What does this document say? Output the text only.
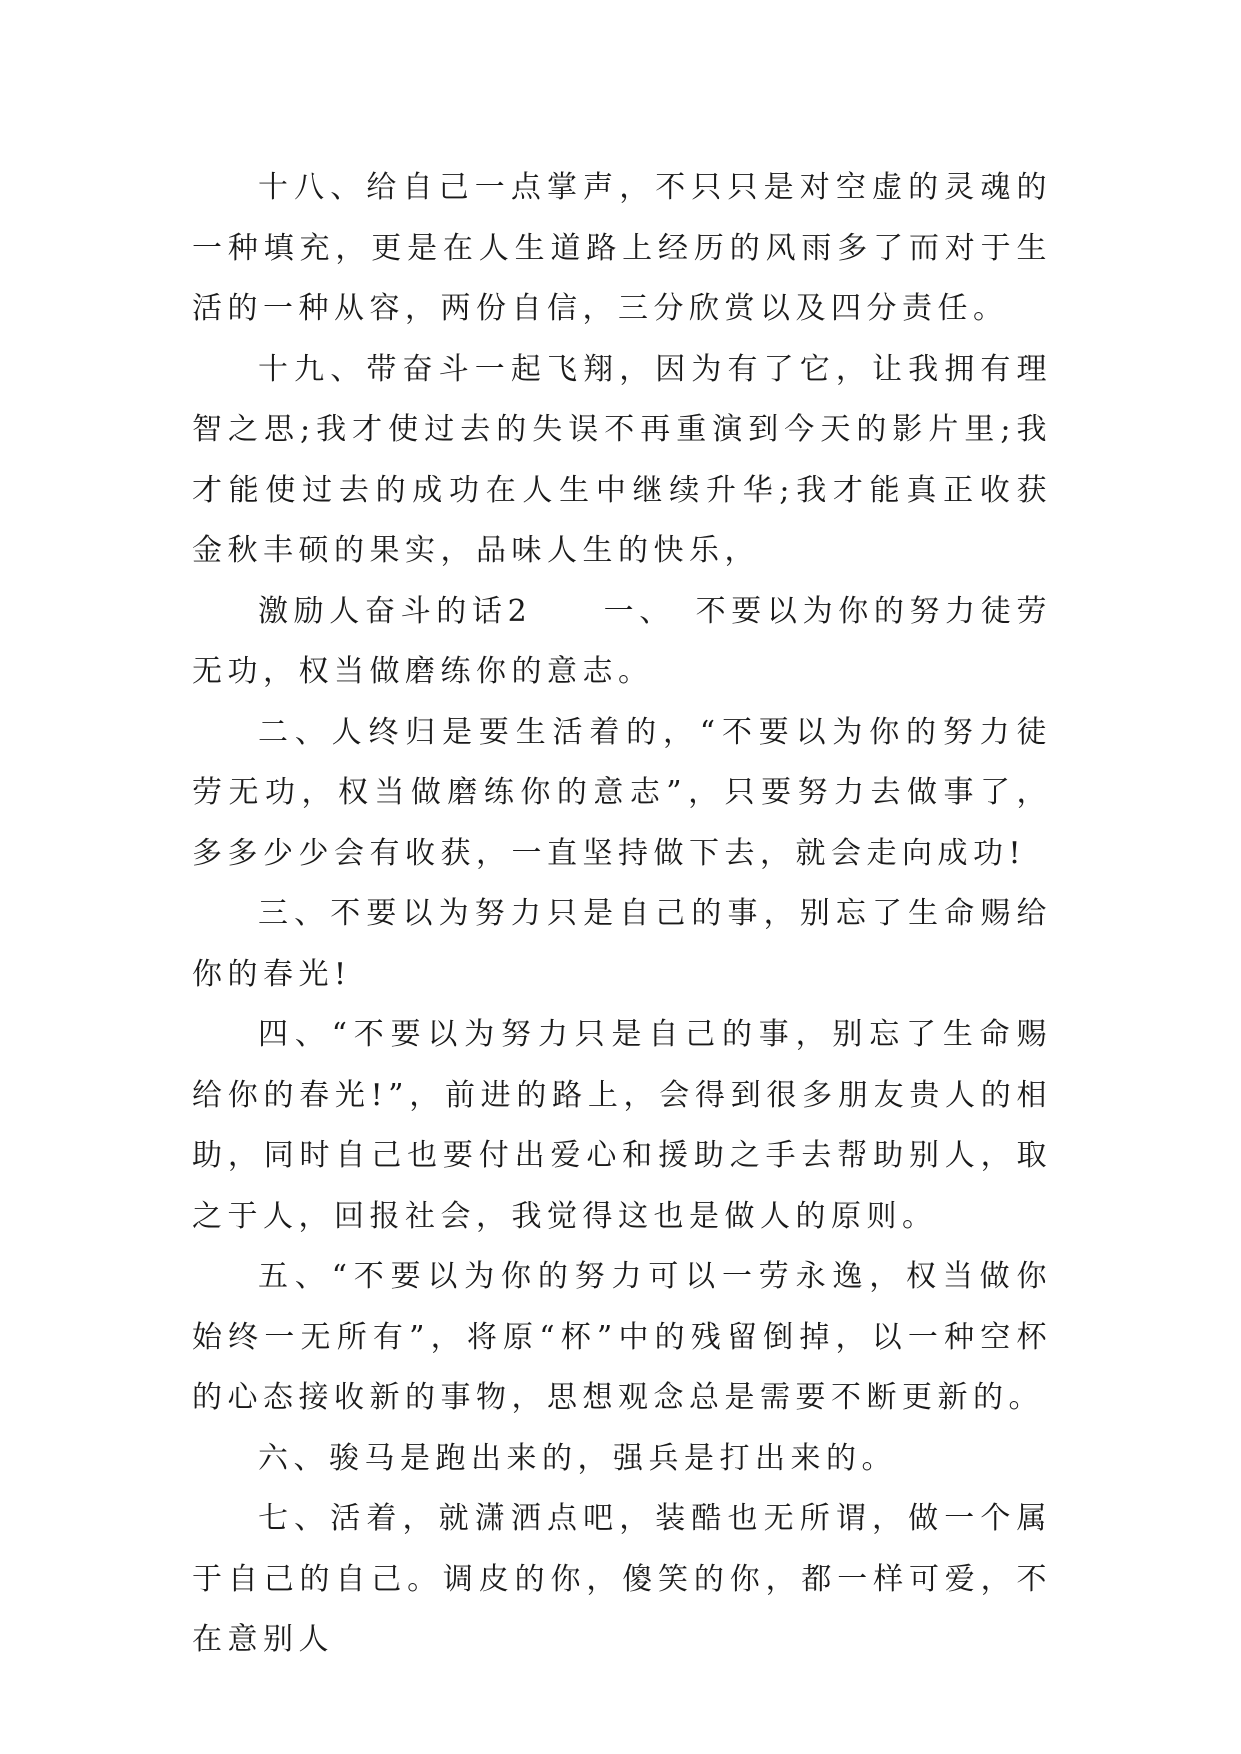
十八、给自己一点掌声，不只只是对空虚的灵魂的一种填充，更是在人生道路上经历的风雨多了而对于生活的一种从容，两份自信，三分欣赏以及四分责任。

十九、带奋斗一起飞翔，因为有了它，让我拥有理智之思;我才使过去的失误不再重演到今天的影片里;我才能使过去的成功在人生中继续升华;我才能真正收获金秋丰硕的果实，品味人生的快乐，

激励人奋斗的话2　　一、　不要以为你的努力徒劳无功，权当做磨练你的意志。

二、人终归是要生活着的，“不要以为你的努力徒劳无功，权当做磨练你的意志”，只要努力去做事了，多多少少会有收获，一直坚持做下去，就会走向成功!

三、不要以为努力只是自己的事，别忘了生命赐给你的春光!

四、“不要以为努力只是自己的事，别忘了生命赐给你的春光!”，前进的路上，会得到很多朋友贵人的相助，同时自己也要付出爱心和援助之手去帮助别人，取之于人，回报社会，我觉得这也是做人的原则。

五、“不要以为你的努力可以一劳永逸，权当做你始终一无所有”，将原“杯”中的残留倒掉，以一种空杯的心态接收新的事物，思想观念总是需要不断更新的。

六、骏马是跑出来的，强兵是打出来的。

七、活着，就潇洒点吧，装酷也无所谓，做一个属于自己的自己。调皮的你，傻笑的你，都一样可爱，不在意别人
